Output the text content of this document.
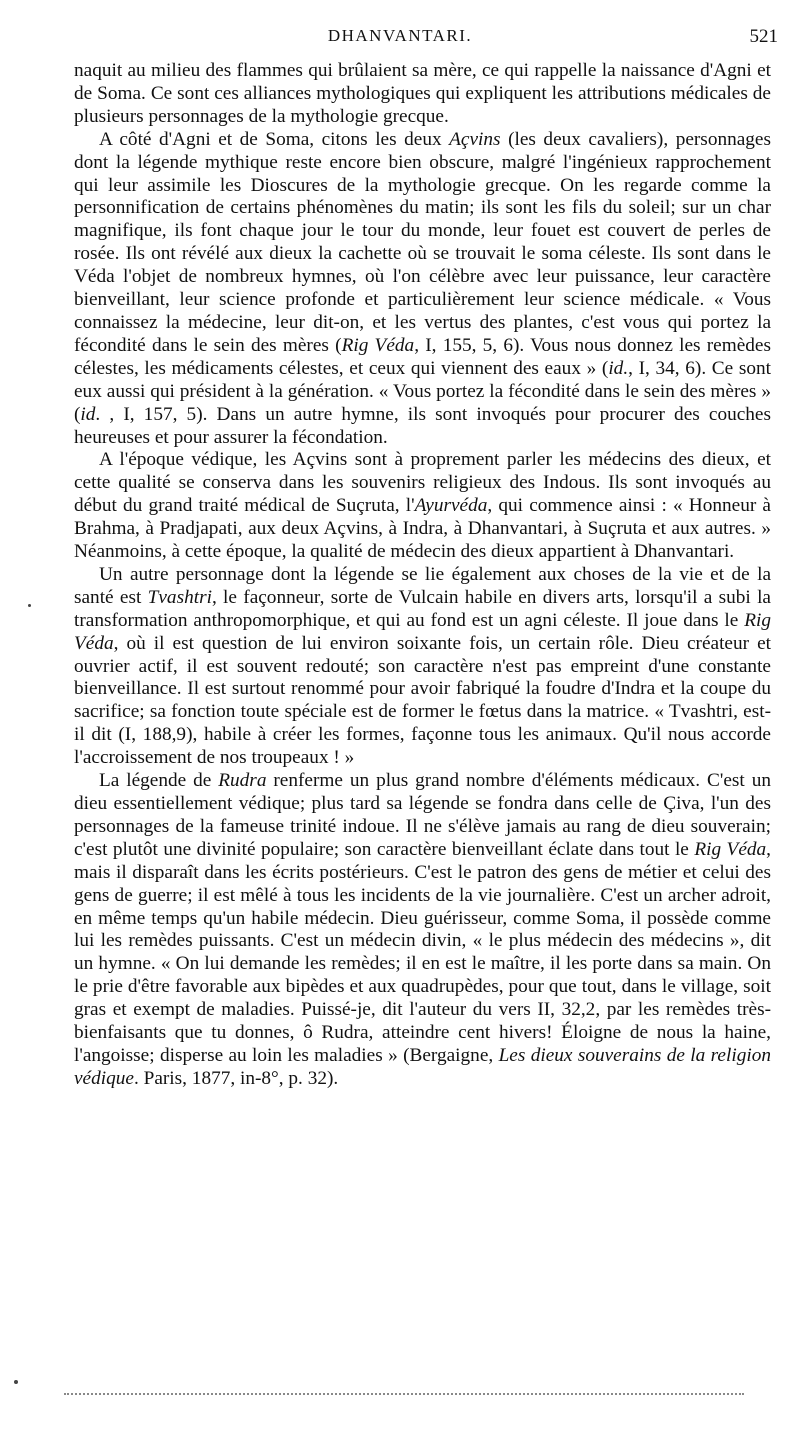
DHANVANTARI.	521

naquit au milieu des flammes qui brûlaient sa mère, ce qui rappelle la naissance d'Agni et de Soma. Ce sont ces alliances mythologiques qui expliquent les attributions médicales de plusieurs personnages de la mythologie grecque.

A côté d'Agni et de Soma, citons les deux Açvins (les deux cavaliers), personnages dont la légende mythique reste encore bien obscure, malgré l'ingénieux rapprochement qui leur assimile les Dioscures de la mythologie grecque. On les regarde comme la personnification de certains phénomènes du matin; ils sont les fils du soleil; sur un char magnifique, ils font chaque jour le tour du monde, leur fouet est couvert de perles de rosée. Ils ont révélé aux dieux la cachette où se trouvait le soma céleste. Ils sont dans le Véda l'objet de nombreux hymnes, où l'on célèbre avec leur puissance, leur caractère bienveillant, leur science profonde et particulièrement leur science médicale. « Vous connaissez la médecine, leur dit-on, et les vertus des plantes, c'est vous qui portez la fécondité dans le sein des mères (Rig Véda, I, 155, 5, 6). Vous nous donnez les remèdes célestes, les médicaments célestes, et ceux qui viennent des eaux » (id., I, 34, 6). Ce sont eux aussi qui président à la génération. « Vous portez la fécondité dans le sein des mères » (id. , I, 157, 5). Dans un autre hymne, ils sont invoqués pour procurer des couches heureuses et pour assurer la fécondation.

A l'époque védique, les Açvins sont à proprement parler les médecins des dieux, et cette qualité se conserva dans les souvenirs religieux des Indous. Ils sont invoqués au début du grand traité médical de Suçruta, l'Ayurvéda, qui commence ainsi : « Honneur à Brahma, à Pradjapati, aux deux Açvins, à Indra, à Dhanvantari, à Suçruta et aux autres. » Néanmoins, à cette époque, la qualité de médecin des dieux appartient à Dhanvantari.

Un autre personnage dont la légende se lie également aux choses de la vie et de la santé est Tvashtri, le façonneur, sorte de Vulcain habile en divers arts, lorsqu'il a subi la transformation anthropomorphique, et qui au fond est un agni céleste. Il joue dans le Rig Véda, où il est question de lui environ soixante fois, un certain rôle. Dieu créateur et ouvrier actif, il est souvent redouté; son caractère n'est pas empreint d'une constante bienveillance. Il est surtout renommé pour avoir fabriqué la foudre d'Indra et la coupe du sacrifice; sa fonction toute spéciale est de former le fœtus dans la matrice. « Tvashtri, est-il dit (I, 188,9), habile à créer les formes, façonne tous les animaux. Qu'il nous accorde l'accroissement de nos troupeaux ! »

La légende de Rudra renferme un plus grand nombre d'éléments médicaux. C'est un dieu essentiellement védique; plus tard sa légende se fondra dans celle de Çiva, l'un des personnages de la fameuse trinité indoue. Il ne s'élève jamais au rang de dieu souverain; c'est plutôt une divinité populaire; son caractère bienveillant éclate dans tout le Rig Véda, mais il disparaît dans les écrits postérieurs. C'est le patron des gens de métier et celui des gens de guerre; il est mêlé à tous les incidents de la vie journalière. C'est un archer adroit, en même temps qu'un habile médecin. Dieu guérisseur, comme Soma, il possède comme lui les remèdes puissants. C'est un médecin divin, « le plus médecin des médecins », dit un hymne. « On lui demande les remèdes; il en est le maître, il les porte dans sa main. On le prie d'être favorable aux bipèdes et aux quadrupèdes, pour que tout, dans le village, soit gras et exempt de maladies. Puissé-je, dit l'auteur du vers II, 32,2, par les remèdes très-bienfaisants que tu donnes, ô Rudra, atteindre cent hivers! Éloigne de nous la haine, l'angoisse; disperse au loin les maladies » (Bergaigne, Les dieux souverains de la religion védique. Paris, 1877, in-8°, p. 32).
